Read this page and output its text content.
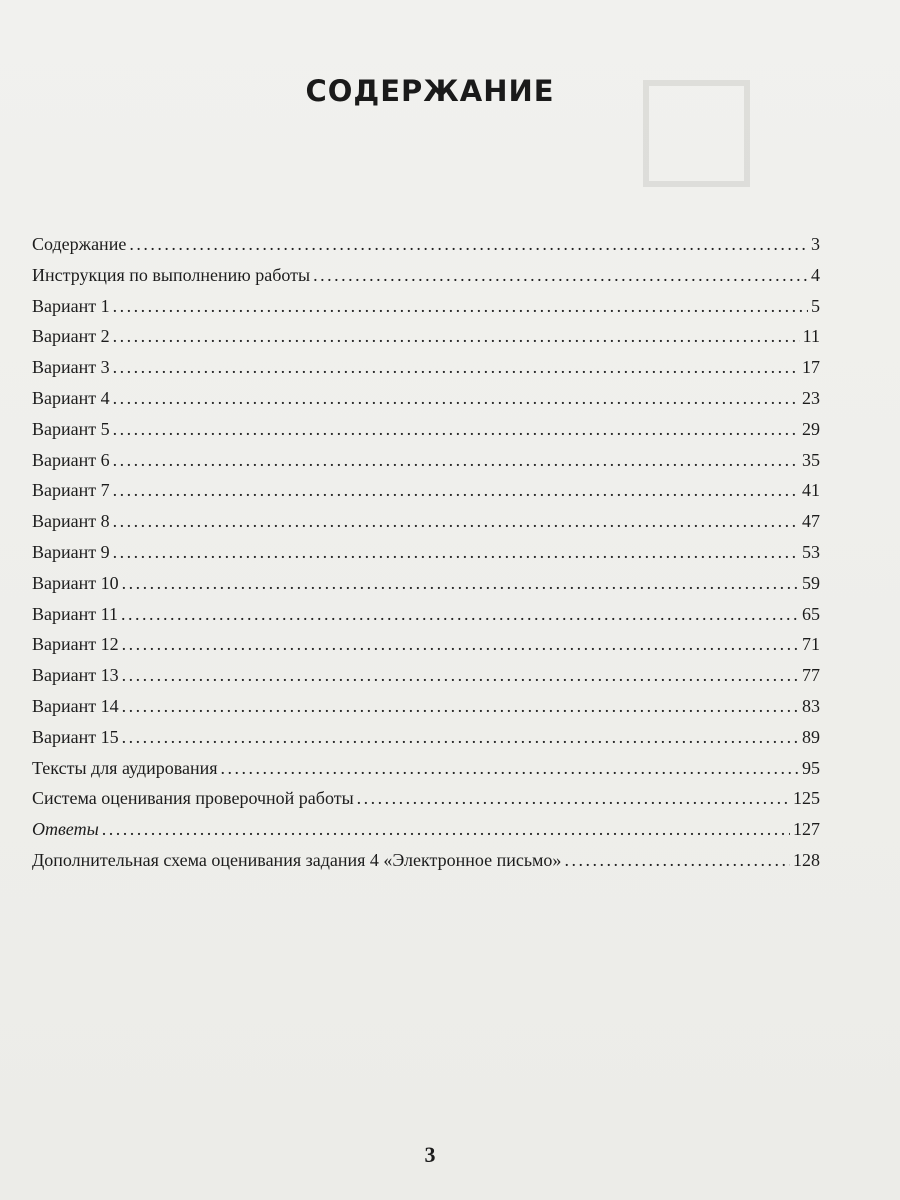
СОДЕРЖАНИЕ
Содержание . . .	3
Инструкция по выполнению работы . . .	4
Вариант 1 . . .	5
Вариант 2 . . .	11
Вариант 3 . . .	17
Вариант 4 . . .	23
Вариант 5 . . .	29
Вариант 6 . . .	35
Вариант 7 . . .	41
Вариант 8 . . .	47
Вариант 9 . . .	53
Вариант 10 . . .	59
Вариант 11 . . .	65
Вариант 12 . . .	71
Вариант 13 . . .	77
Вариант 14 . . .	83
Вариант 15 . . .	89
Тексты для аудирования . . .	95
Система оценивания проверочной работы . . .	125
Ответы . . .	127
Дополнительная схема оценивания задания 4 «Электронное письмо» . . .	128
3
